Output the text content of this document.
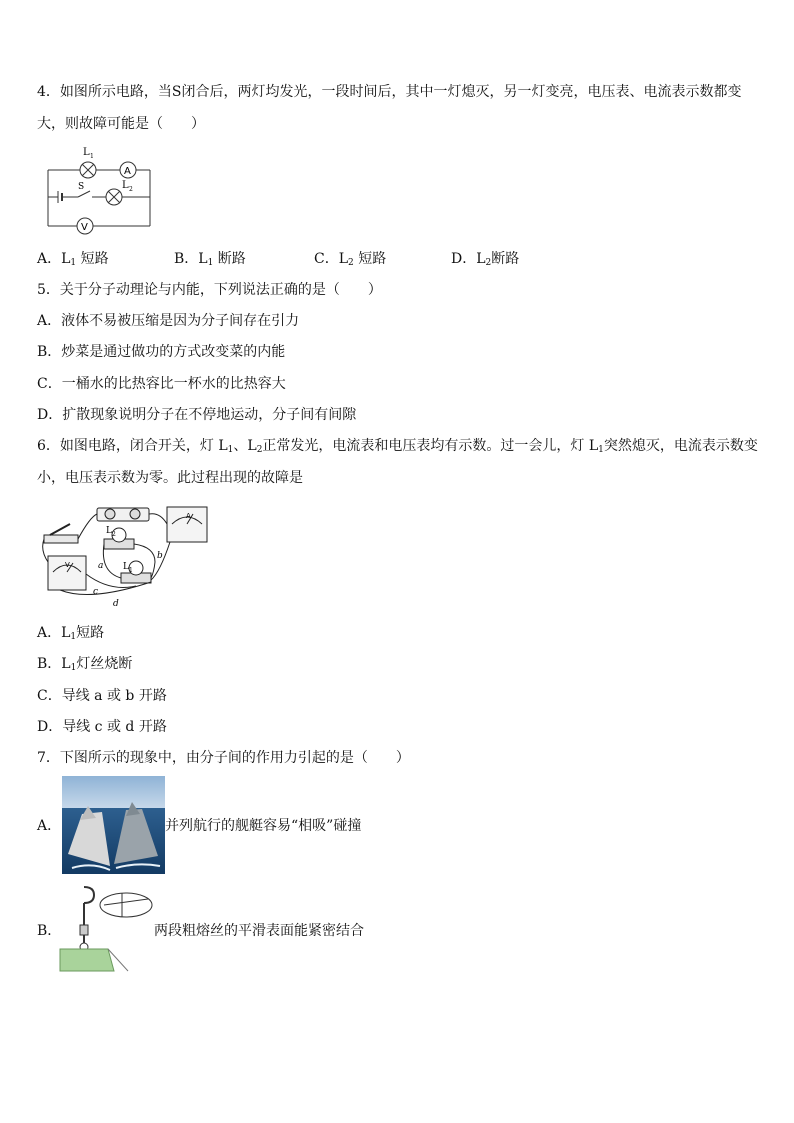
4．如图所示电路，当S闭合后，两灯均发光，一段时间后，其中一灯熄灭，另一灯变亮，电压表、电流表示数都变
大，则故障可能是（　　）
L 1
A
S	L 2
V
A．$L_1$ 短路	B．$L_1$ 断路	C．$L_2$ 短路	D．$L_2$断路
5．关于分子动理论与内能，下列说法正确的是（　　）
A．液体不易被压缩是因为分子间存在引力
B．炒菜是通过做功的方式改变菜的内能
C．一桶水的比热容比一杯水的比热容大
D．扩散现象说明分子在不停地运动，分子间有间隙
6．如图电路，闭合开关，灯 $L_1$、$L_2$正常发光，电流表和电压表均有示数。过一会儿，灯 $L_1$突然熄灭，电流表示数变
小，电压表示数为零。此过程出现的故障是
L 2
L 1
a
b
c
d
A
V
A．$L_1$短路
B．$L_1$灯丝烧断
C．导线 a 或 b 开路
D．导线 c 或 d 开路
7．下图所示的现象中，由分子间的作用力引起的是（　　）
A．	并列航行的舰艇容易“相吸”碰撞
B．	两段粗熔丝的平滑表面能紧密结合
